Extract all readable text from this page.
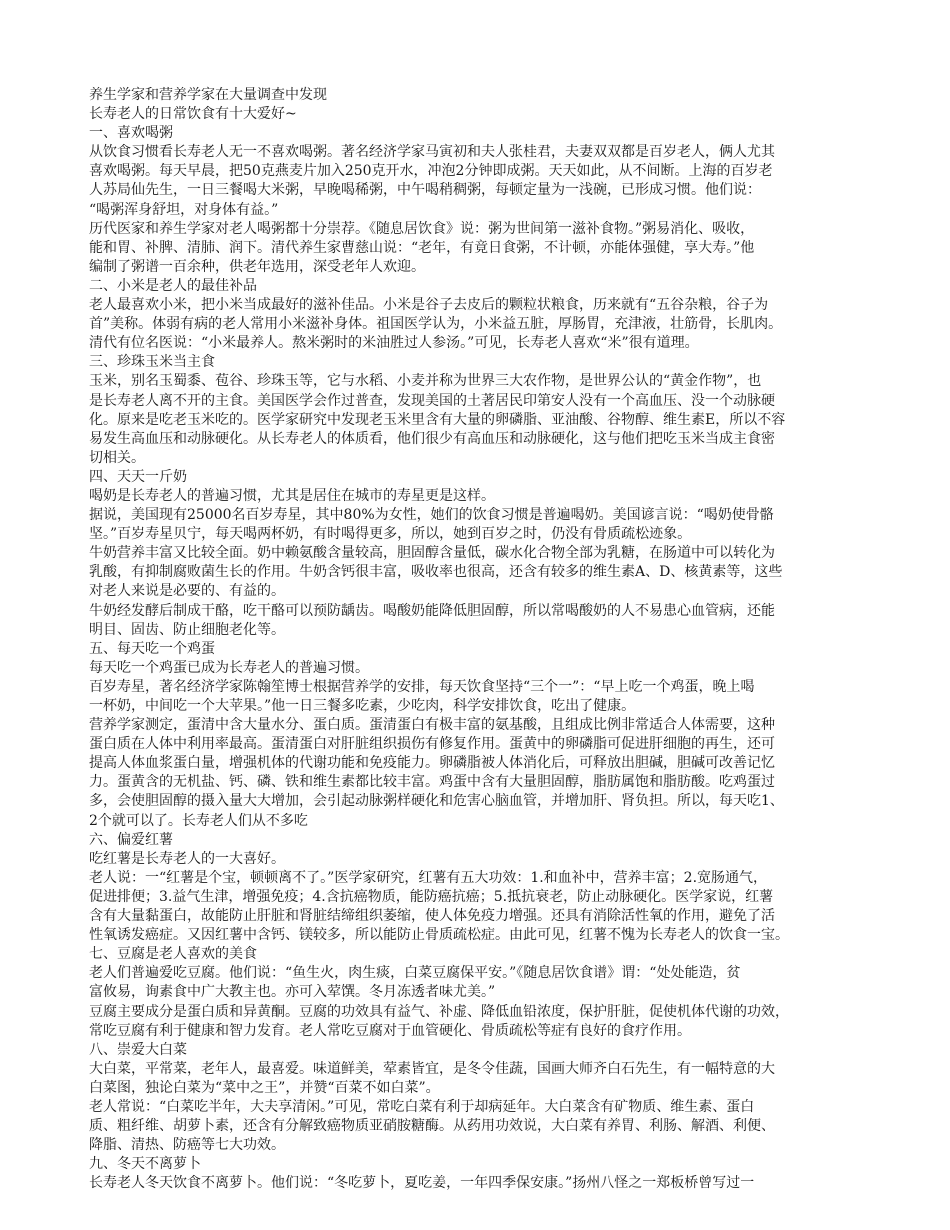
养生学家和营养学家在大量调查中发现
长寿老人的日常饮食有十大爱好~
一、喜欢喝粥
从饮食习惯看长寿老人无一不喜欢喝粥。著名经济学家马寅初和夫人张桂君，夫妻双双都是百岁老人，俩人尤其
喜欢喝粥。每天早晨，把50克燕麦片加入250克开水，冲泡2分钟即成粥。天天如此，从不间断。上海的百岁老
人苏局仙先生，一日三餐喝大米粥，早晚喝稀粥，中午喝稍稠粥，每顿定量为一浅碗，已形成习惯。他们说：
“喝粥浑身舒坦，对身体有益。”
历代医家和养生学家对老人喝粥都十分崇荐。《随息居饮食》说：粥为世间第一滋补食物。”粥易消化、吸收，
能和胃、补脾、清肺、润下。清代养生家曹慈山说：“老年，有竟日食粥，不计顿，亦能体强健，享大寿。”他
编制了粥谱一百余种，供老年选用，深受老年人欢迎。
二、小米是老人的最佳补品
老人最喜欢小米，把小米当成最好的滋补佳品。小米是谷子去皮后的颗粒状粮食，历来就有“五谷杂粮，谷子为
首”美称。体弱有病的老人常用小米滋补身体。祖国医学认为，小米益五脏，厚肠胃，充津液，壮筋骨，长肌肉。
清代有位名医说：“小米最养人。熬米粥时的米油胜过人参汤。”可见，长寿老人喜欢“米”很有道理。
三、珍珠玉米当主食
玉米，别名玉蜀黍、苞谷、珍珠玉等，它与水稻、小麦并称为世界三大农作物，是世界公认的“黄金作物”，也
是长寿老人离不开的主食。美国医学会作过普查，发现美国的土著居民印第安人没有一个高血压、没一个动脉硬
化。原来是吃老玉米吃的。医学家研究中发现老玉米里含有大量的卵磷脂、亚油酸、谷物醇、维生素E，所以不容
易发生高血压和动脉硬化。从长寿老人的体质看，他们很少有高血压和动脉硬化，这与他们把吃玉米当成主食密
切相关。
四、天天一斤奶
喝奶是长寿老人的普遍习惯，尤其是居住在城市的寿星更是这样。
据说，美国现有25000名百岁寿星，其中80%为女性，她们的饮食习惯是普遍喝奶。美国谚言说：“喝奶使骨骼
坚。”百岁寿星贝宁，每天喝两杯奶，有时喝得更多，所以，她到百岁之时，仍没有骨质疏松迹象。
牛奶营养丰富又比较全面。奶中赖氨酸含量较高，胆固醇含量低，碳水化合物全部为乳糖，在肠道中可以转化为
乳酸，有抑制腐败菌生长的作用。牛奶含钙很丰富，吸收率也很高，还含有较多的维生素A、D、核黄素等，这些
对老人来说是必要的、有益的。
牛奶经发酵后制成干酪，吃干酪可以预防龋齿。喝酸奶能降低胆固醇，所以常喝酸奶的人不易患心血管病，还能
明目、固齿、防止细胞老化等。
五、每天吃一个鸡蛋
每天吃一个鸡蛋已成为长寿老人的普遍习惯。
百岁寿星，著名经济学家陈翰笙博士根据营养学的安排，每天饮食坚持“三个一”：“早上吃一个鸡蛋，晚上喝
一杯奶，中间吃一个大苹果。”他一日三餐多吃素，少吃肉，科学安排饮食，吃出了健康。
营养学家测定，蛋清中含大量水分、蛋白质。蛋清蛋白有极丰富的氨基酸，且组成比例非常适合人体需要，这种
蛋白质在人体中利用率最高。蛋清蛋白对肝脏组织损伤有修复作用。蛋黄中的卵磷脂可促进肝细胞的再生，还可
提高人体血浆蛋白量，增强机体的代谢功能和免疫能力。卵磷脂被人体消化后，可释放出胆碱，胆碱可改善记忆
力。蛋黄含的无机盐、钙、磷、铁和维生素都比较丰富。鸡蛋中含有大量胆固醇，脂肪属饱和脂肪酸。吃鸡蛋过
多，会使胆固醇的摄入量大大增加，会引起动脉粥样硬化和危害心脑血管，并增加肝、肾负担。所以，每天吃1、
2个就可以了。长寿老人们从不多吃
六、偏爱红薯
吃红薯是长寿老人的一大喜好。
老人说：一“红薯是个宝，顿顿离不了。”医学家研究，红薯有五大功效：1.和血补中，营养丰富；2.宽肠通气，
促进排便；3.益气生津，增强免疫；4.含抗癌物质，能防癌抗癌；5.抵抗衰老，防止动脉硬化。医学家说，红薯
含有大量黏蛋白，故能防止肝脏和肾脏结缔组织萎缩，使人体免疫力增强。还具有消除活性氧的作用，避免了活
性氧诱发癌症。又因红薯中含钙、镁较多，所以能防止骨质疏松症。由此可见，红薯不愧为长寿老人的饮食一宝。
七、豆腐是老人喜欢的美食
老人们普遍爱吃豆腐。他们说：“鱼生火，肉生痰，白菜豆腐保平安。”《随息居饮食谱》谓：“处处能造，贫
富攸易，询素食中广大教主也。亦可入荤馔。冬月冻透者味尤美。”
豆腐主要成分是蛋白质和异黄酮。豆腐的功效具有益气、补虚、降低血铅浓度，保护肝脏，促使机体代谢的功效，
常吃豆腐有利于健康和智力发育。老人常吃豆腐对于血管硬化、骨质疏松等症有良好的食疗作用。
八、崇爱大白菜
大白菜，平常菜，老年人，最喜爱。味道鲜美，荤素皆宜，是冬令佳蔬，国画大师齐白石先生，有一幅特意的大
白菜图，独论白菜为“菜中之王”，并赞“百菜不如白菜”。
老人常说：“白菜吃半年，大夫享清闲。”可见，常吃白菜有利于却病延年。大白菜含有矿物质、维生素、蛋白
质、粗纤维、胡萝卜素，还含有分解致癌物质亚硝胺糖酶。从药用功效说，大白菜有养胃、利肠、解酒、利便、
降脂、清热、防癌等七大功效。
九、冬天不离萝卜
长寿老人冬天饮食不离萝卜。他们说：“冬吃萝卜，夏吃姜，一年四季保安康。”扬州八怪之一郑板桥曾写过一
